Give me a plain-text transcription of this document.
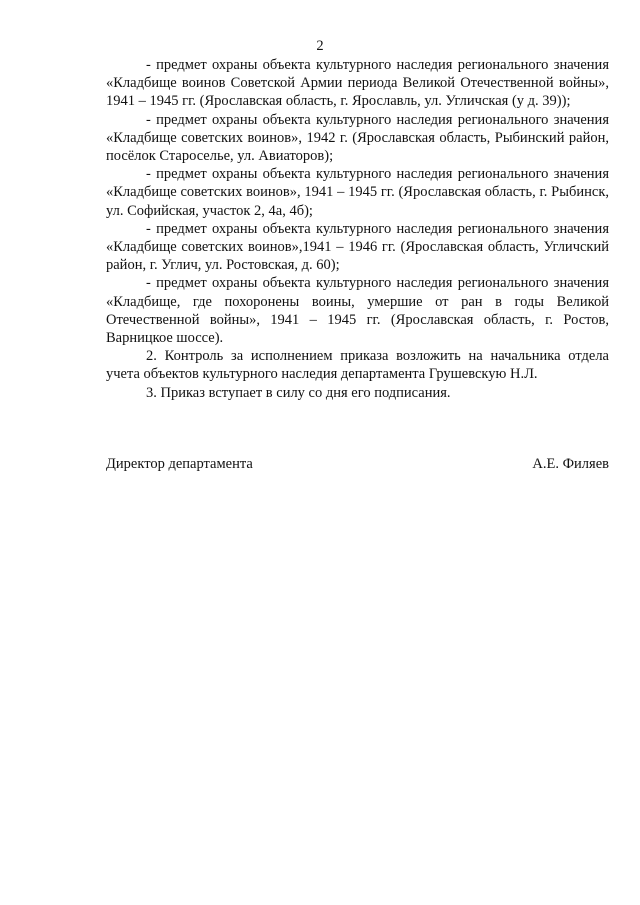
2

- предмет охраны объекта культурного наследия регионального значения «Кладбище воинов Советской Армии периода Великой Отечественной войны», 1941 – 1945 гг. (Ярославская область, г. Ярославль, ул. Угличская (у д. 39));

- предмет охраны объекта культурного наследия регионального значения «Кладбище советских воинов», 1942 г. (Ярославская область, Рыбинский район, посёлок Староселье, ул. Авиаторов);

- предмет охраны объекта культурного наследия регионального значения «Кладбище советских воинов», 1941 – 1945 гг. (Ярославская область, г. Рыбинск, ул. Софийская, участок 2, 4а, 4б);

- предмет охраны объекта культурного наследия регионального значения «Кладбище советских воинов»,1941 – 1946 гг. (Ярославская область, Угличский район, г. Углич, ул. Ростовская, д. 60);

- предмет охраны объекта культурного наследия регионального значения «Кладбище, где похоронены воины, умершие от ран в годы Великой Отечественной войны», 1941 – 1945 гг. (Ярославская область, г. Ростов, Варницкое шоссе).

2. Контроль за исполнением приказа возложить на начальника отдела учета объектов культурного наследия департамента Грушевскую Н.Л.

3. Приказ вступает в силу со дня его подписания.

Директор департамента	А.Е. Филяев
